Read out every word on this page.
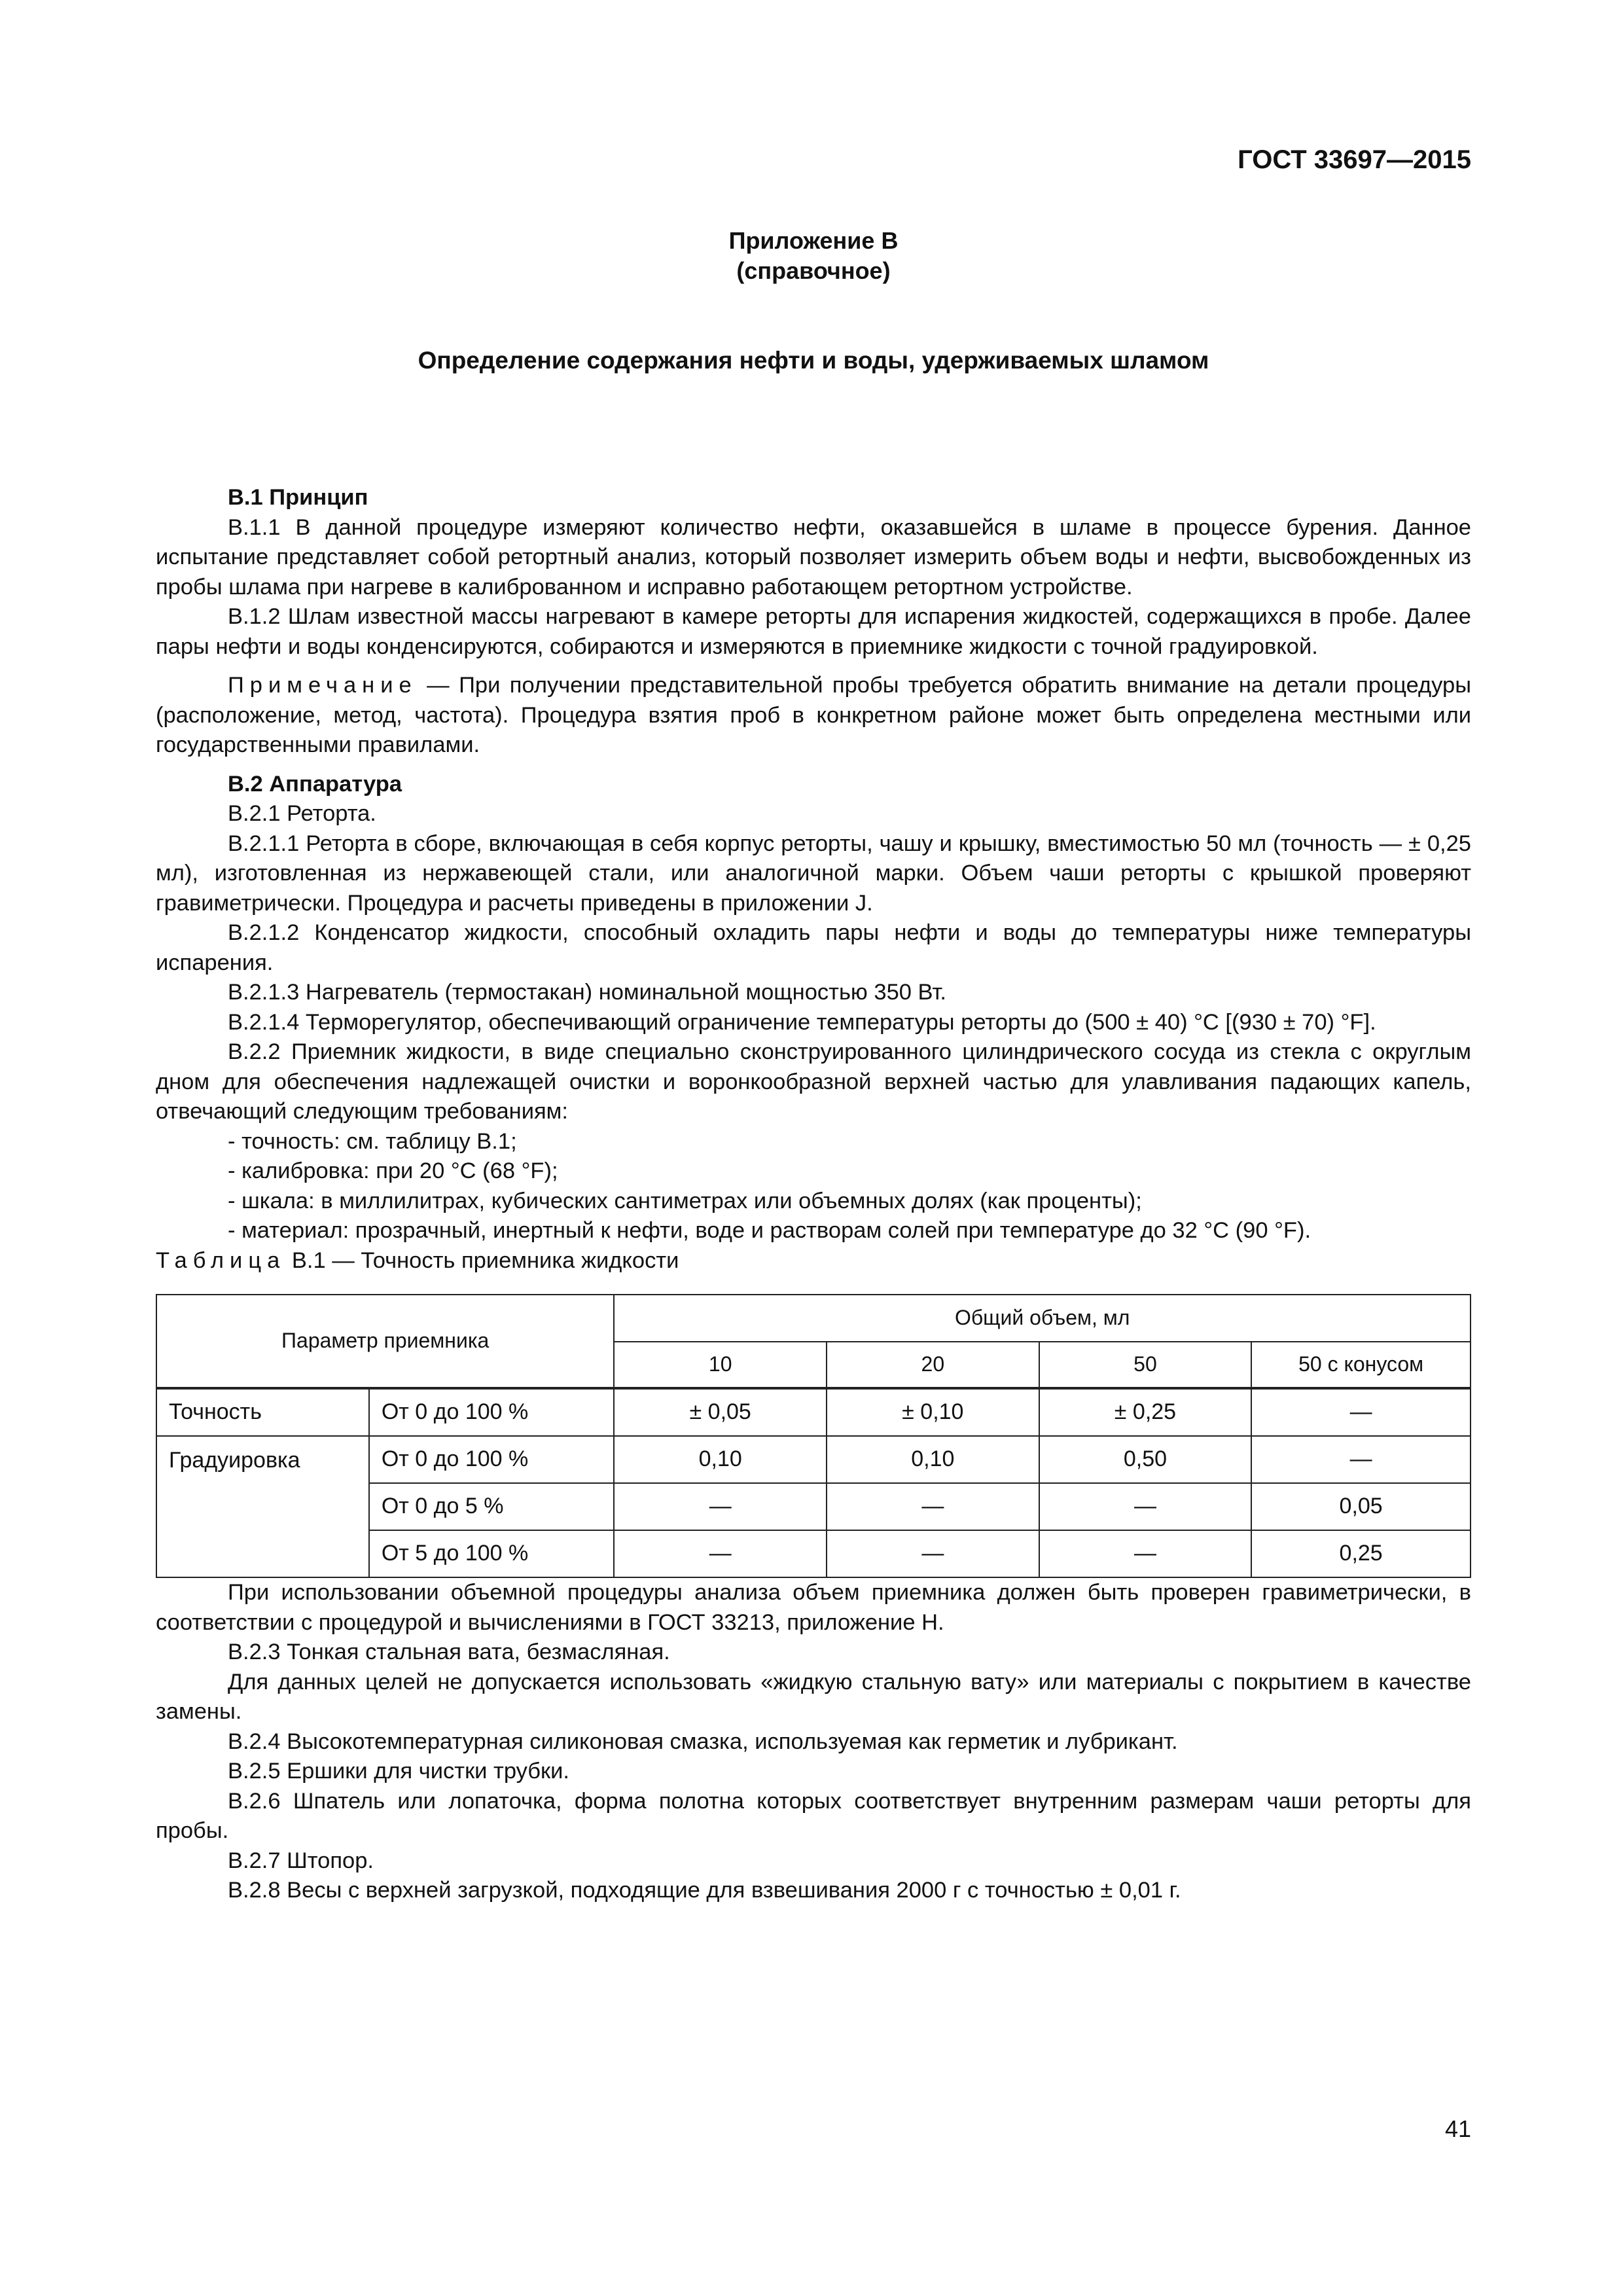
ГОСТ 33697—2015
Приложение В
(справочное)
Определение содержания нефти и воды, удерживаемых шламом

В.1 Принцип

В.1.1 В данной процедуре измеряют количество нефти, оказавшейся в шламе в процессе бурения. Данное испытание представляет собой ретортный анализ, который позволяет измерить объем воды и нефти, высвобожденных из пробы шлама при нагреве в калиброванном и исправно работающем ретортном устройстве.

В.1.2 Шлам известной массы нагревают в камере реторты для испарения жидкостей, содержащихся в пробе. Далее пары нефти и воды конденсируются, собираются и измеряются в приемнике жидкости с точной градуировкой.

Примечание — При получении представительной пробы требуется обратить внимание на детали процедуры (расположение, метод, частота). Процедура взятия проб в конкретном районе может быть определена местными или государственными правилами.

В.2 Аппаратура

В.2.1 Реторта.

В.2.1.1 Реторта в сборе, включающая в себя корпус реторты, чашу и крышку, вместимостью 50 мл (точность — ± 0,25 мл), изготовленная из нержавеющей стали, или аналогичной марки. Объем чаши реторты с крышкой проверяют гравиметрически. Процедура и расчеты приведены в приложении J.

В.2.1.2 Конденсатор жидкости, способный охладить пары нефти и воды до температуры ниже температуры испарения.

В.2.1.3 Нагреватель (термостакан) номинальной мощностью 350 Вт.

В.2.1.4 Терморегулятор, обеспечивающий ограничение температуры реторты до (500 ± 40) °С [(930 ± 70) °F].

В.2.2 Приемник жидкости, в виде специально сконструированного цилиндрического сосуда из стекла с округлым дном для обеспечения надлежащей очистки и воронкообразной верхней частью для улавливания падающих капель, отвечающий следующим требованиям:

- точность: см. таблицу В.1;
- калибровка: при 20 °С (68 °F);
- шкала: в миллилитрах, кубических сантиметрах или объемных долях (как проценты);
- материал: прозрачный, инертный к нефти, воде и растворам солей при температуре до 32 °С (90 °F).

Таблица В.1 — Точность приемника жидкости

Параметр приемника		Общий объем, мл			
		10	20	50	50 с конусом
Точность	От 0 до 100 %	± 0,05	± 0,10	± 0,25	—
Градуировка	От 0 до 100 %	0,10	0,10	0,50	—
	От 0 до 5 %	—	—	—	0,05
	От 5 до 100 %	—	—	—	0,25

При использовании объемной процедуры анализа объем приемника должен быть проверен гравиметрически, в соответствии с процедурой и вычислениями в ГОСТ 33213, приложение Н.

В.2.3 Тонкая стальная вата, безмасляная.

Для данных целей не допускается использовать «жидкую стальную вату» или материалы с покрытием в качестве замены.

В.2.4 Высокотемпературная силиконовая смазка, используемая как герметик и лубрикант.

В.2.5 Ершики для чистки трубки.

В.2.6 Шпатель или лопаточка, форма полотна которых соответствует внутренним размерам чаши реторты для пробы.

В.2.7 Штопор.

В.2.8 Весы с верхней загрузкой, подходящие для взвешивания 2000 г с точностью ± 0,01 г.

41
